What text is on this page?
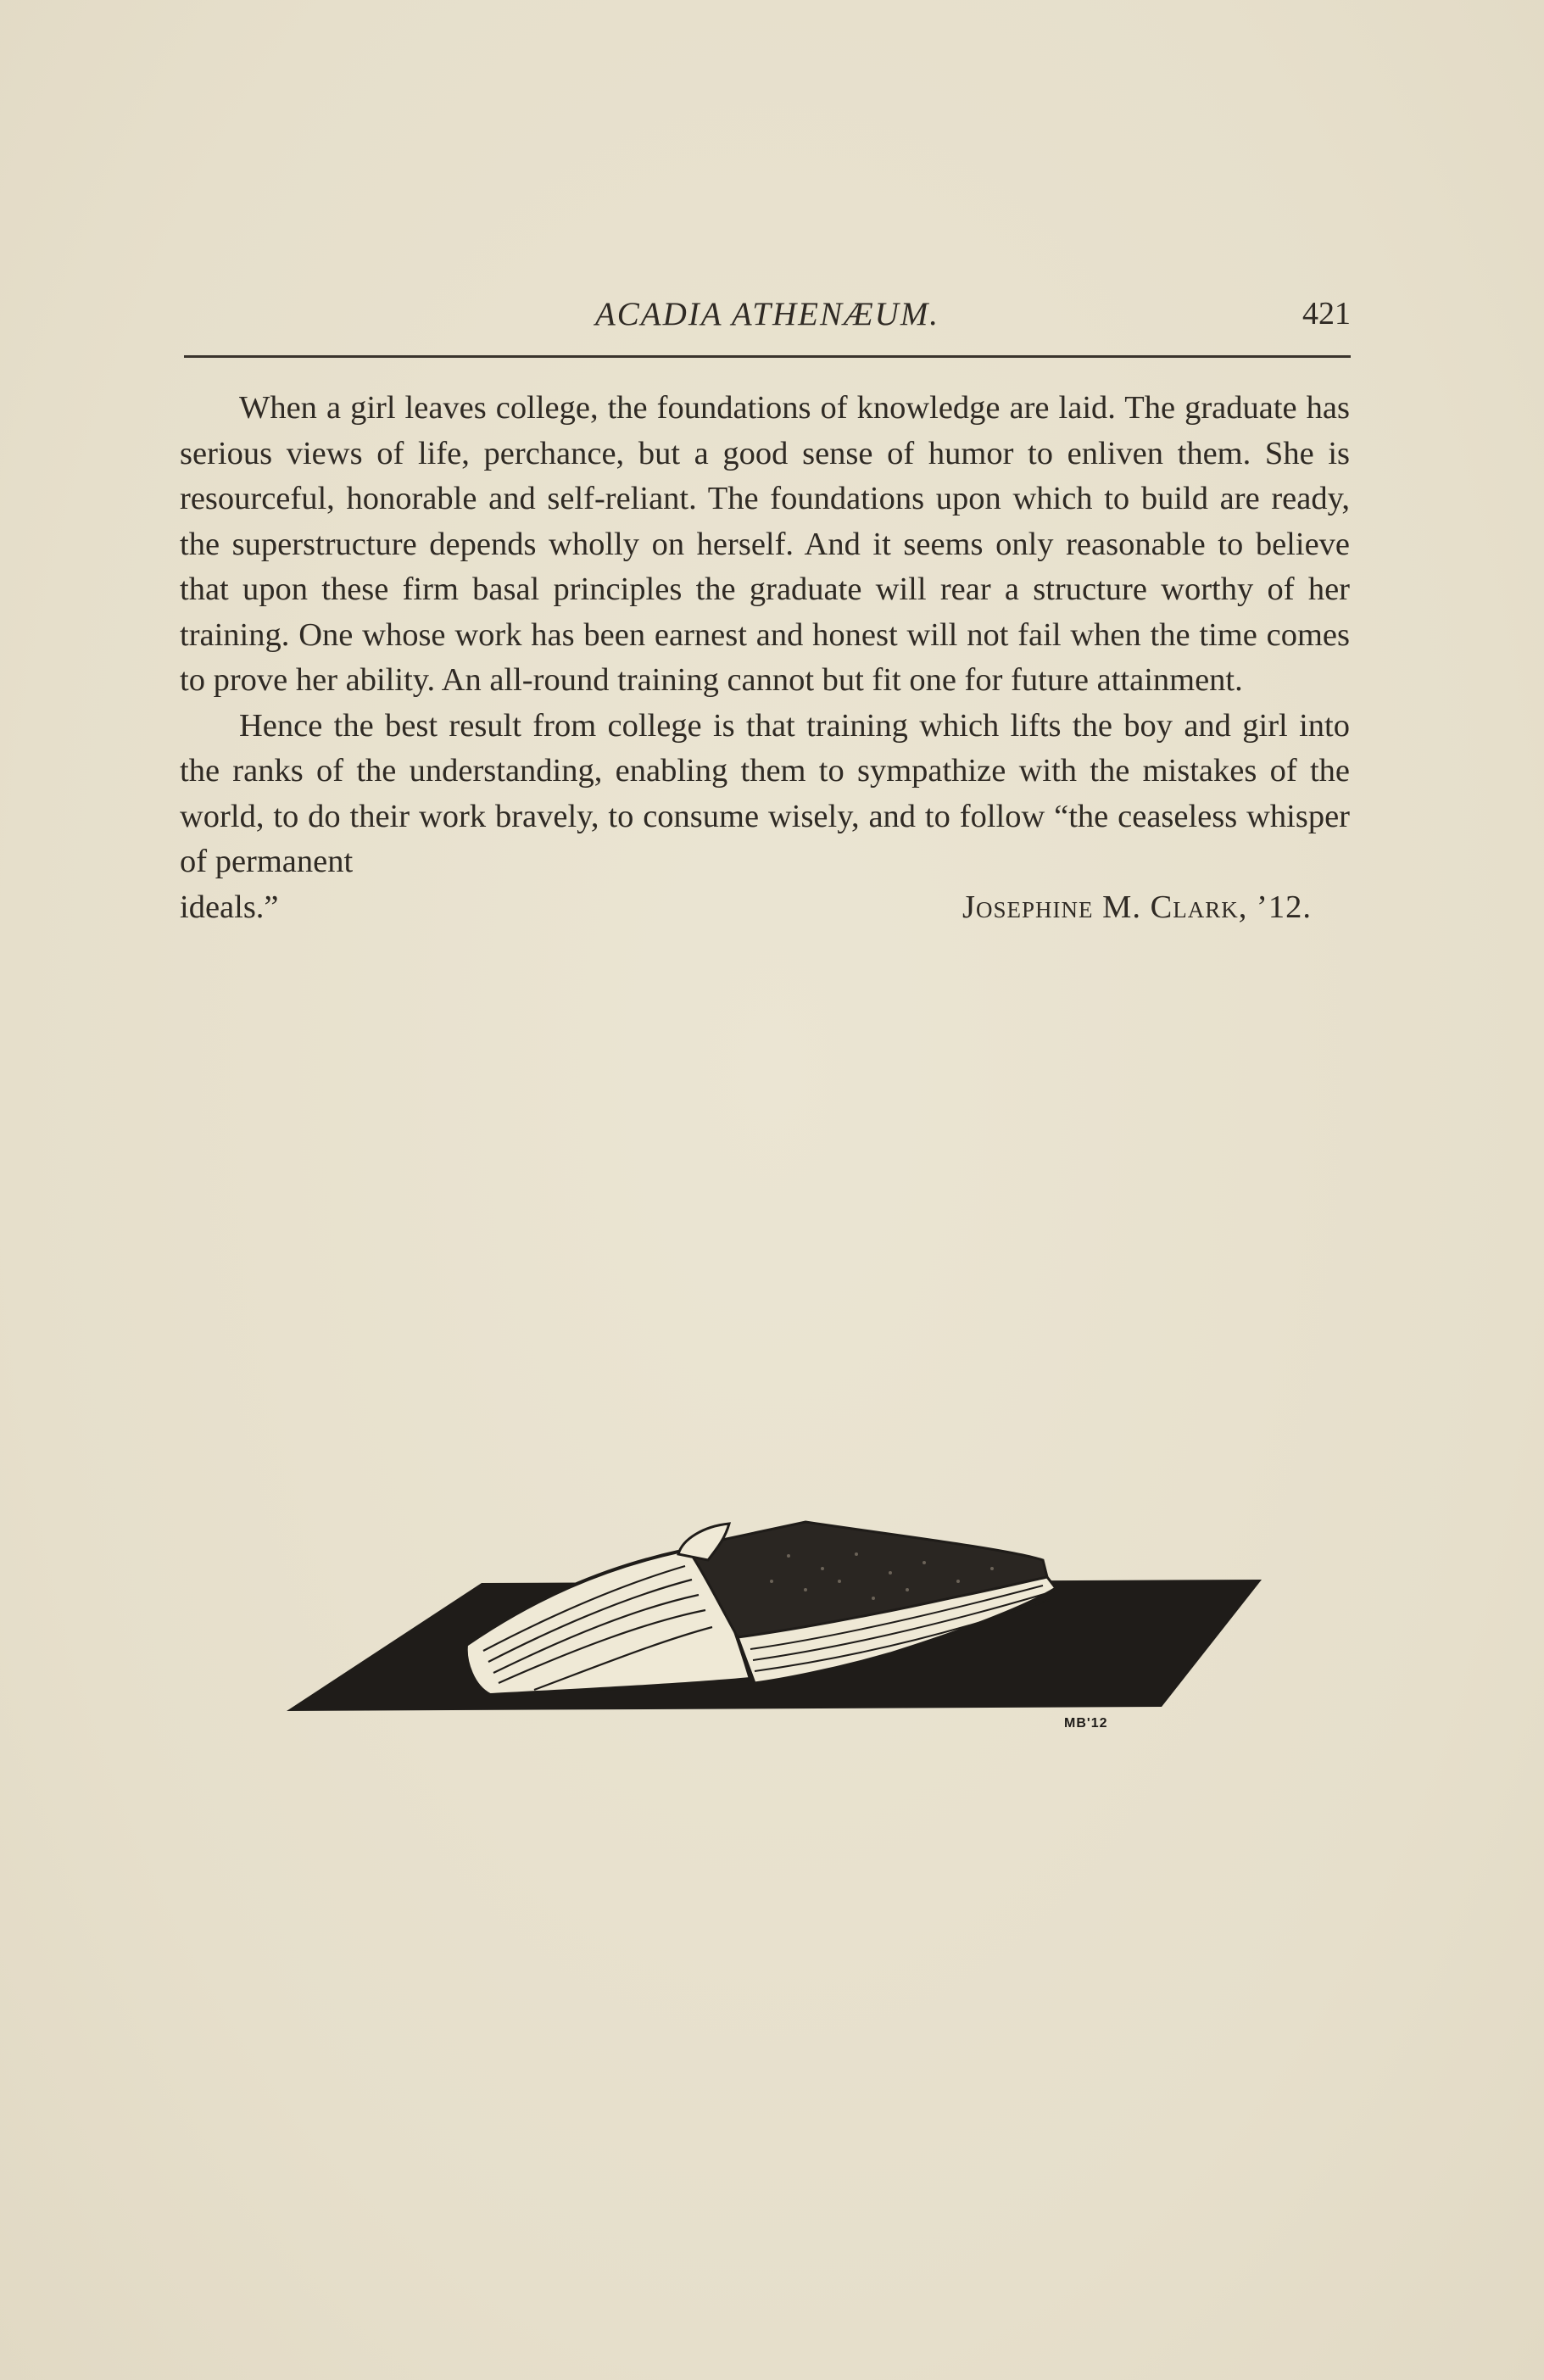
ACADIA ATHENÆUM.	421

When a girl leaves college, the foundations of knowledge are laid. The graduate has serious views of life, perchance, but a good sense of humor to enliven them. She is resourceful, honorable and self-reliant. The foundations upon which to build are ready, the superstructure depends wholly on herself. And it seems only reasonable to believe that upon these firm basal principles the graduate will rear a structure worthy of her training. One whose work has been earnest and honest will not fail when the time comes to prove her ability. An all-round training cannot but fit one for future attainment.

Hence the best result from college is that training which lifts the boy and girl into the ranks of the understanding, enabling them to sympathize with the mistakes of the world, to do their work bravely, to consume wisely, and to follow “the ceaseless whisper of permanent

ideals.”	Josephine M. Clark, ’12.

MB'12
